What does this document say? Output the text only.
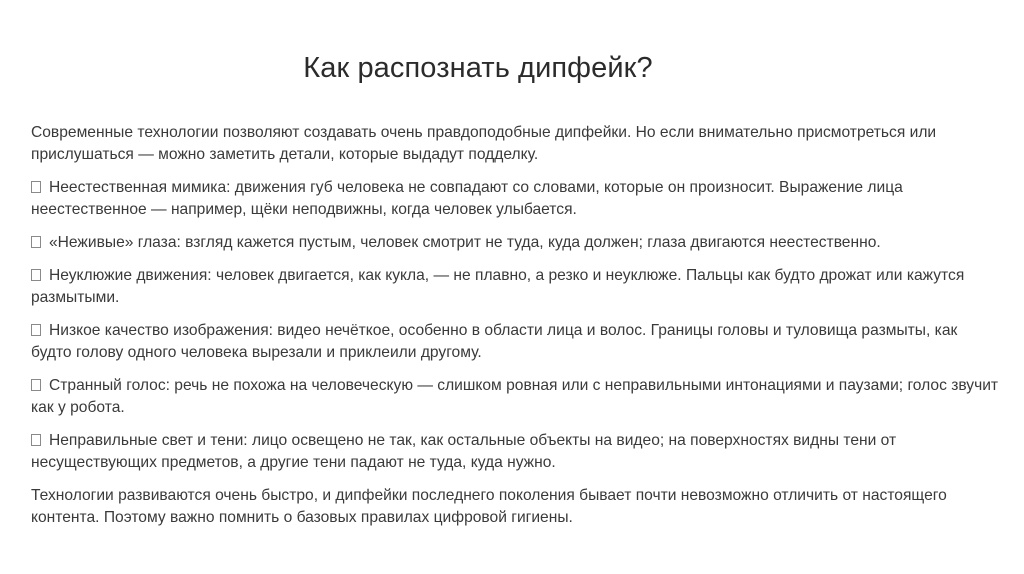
Как распознать дипфейк?

Современные технологии позволяют создавать очень правдоподобные дипфейки. Но если внимательно присмотреться или прислушаться — можно заметить детали, которые выдадут подделку.

Неестественная мимика: движения губ человека не совпадают со словами, которые он произносит. Выражение лица неестественное — например, щёки неподвижны, когда человек улыбается.

«Неживые» глаза: взгляд кажется пустым, человек смотрит не туда, куда должен; глаза двигаются неестественно.

Неуклюжие движения: человек двигается, как кукла, — не плавно, а резко и неуклюже. Пальцы как будто дрожат или кажутся размытыми.

Низкое качество изображения: видео нечёткое, особенно в области лица и волос. Границы головы и туловища размыты, как будто голову одного человека вырезали и приклеили другому.

Странный голос: речь не похожа на человеческую — слишком ровная или с неправильными интонациями и паузами; голос звучит как у робота.

Неправильные свет и тени: лицо освещено не так, как остальные объекты на видео; на поверхностях видны тени от несуществующих предметов, а другие тени падают не туда, куда нужно.

Технологии развиваются очень быстро, и дипфейки последнего поколения бывает почти невозможно отличить от настоящего контента. Поэтому важно помнить о базовых правилах цифровой гигиены.
